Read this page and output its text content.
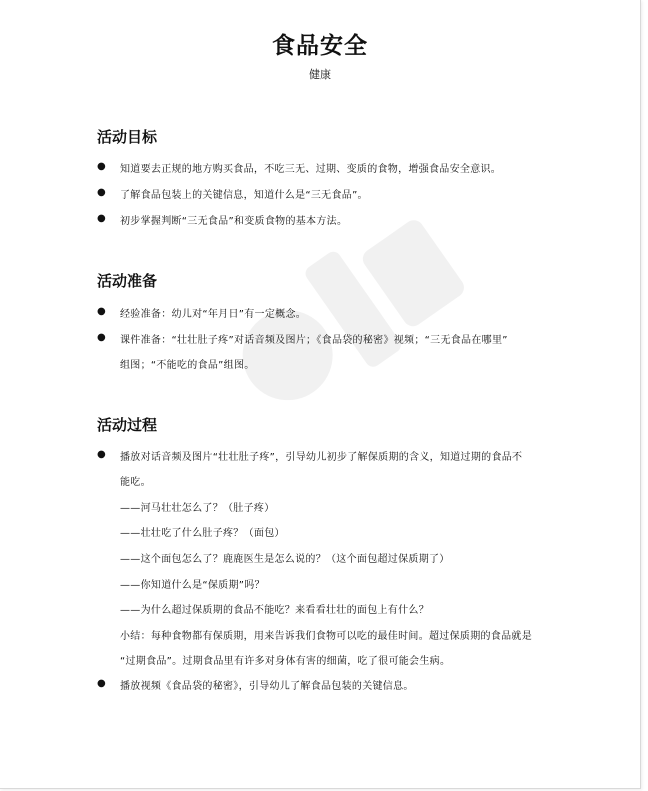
食品安全
健康
活动目标
● 知道要去正规的地方购买食品，不吃三无、过期、变质的食物，增强食品安全意识。
● 了解食品包装上的关键信息，知道什么是“三无食品”。
● 初步掌握判断“三无食品”和变质食物的基本方法。
活动准备
● 经验准备：幼儿对“年月日”有一定概念。
● 课件准备：“壮壮肚子疼”对话音频及图片；《食品袋的秘密》视频；“三无食品在哪里”
组图；“不能吃的食品”组图。
活动过程
● 播放对话音频及图片“壮壮肚子疼”，引导幼儿初步了解保质期的含义，知道过期的食品不
能吃。
——河马壮壮怎么了？（肚子疼）
——壮壮吃了什么肚子疼？（面包）
——这个面包怎么了？鹿鹿医生是怎么说的？（这个面包超过保质期了）
——你知道什么是“保质期”吗？
——为什么超过保质期的食品不能吃？来看看壮壮的面包上有什么？
小结：每种食物都有保质期，用来告诉我们食物可以吃的最佳时间。超过保质期的食品就是
“过期食品”。过期食品里有许多对身体有害的细菌，吃了很可能会生病。
● 播放视频《食品袋的秘密》，引导幼儿了解食品包装的关键信息。
